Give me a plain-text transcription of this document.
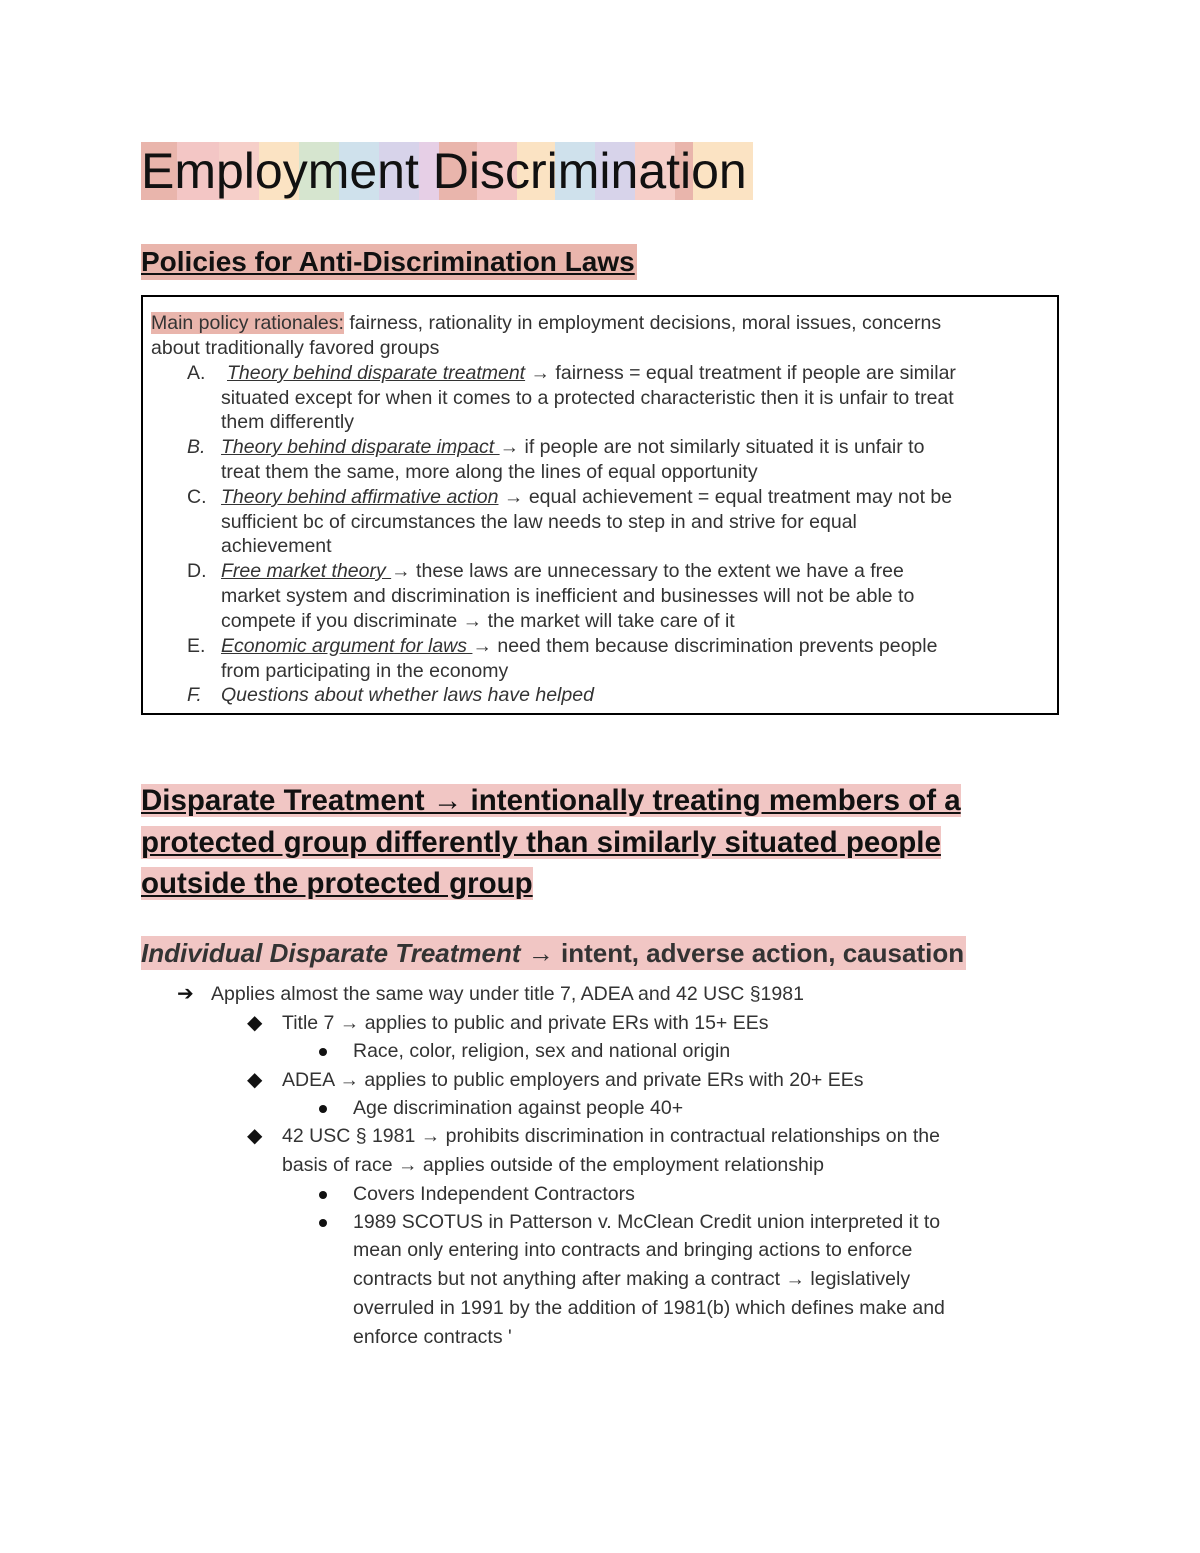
Employment Discrimination
Policies for Anti-Discrimination Laws
Main policy rationales: fairness, rationality in employment decisions, moral issues, concerns
about traditionally favored groups
A. Theory behind disparate treatment → fairness = equal treatment if people are similar
situated except for when it comes to a protected characteristic then it is unfair to treat
them differently
B. Theory behind disparate impact → if people are not similarly situated it is unfair to
treat them the same, more along the lines of equal opportunity
C. Theory behind affirmative action → equal achievement = equal treatment may not be
sufficient bc of circumstances the law needs to step in and strive for equal
achievement
D. Free market theory → these laws are unnecessary to the extent we have a free
market system and discrimination is inefficient and businesses will not be able to
compete if you discriminate → the market will take care of it
E. Economic argument for laws → need them because discrimination prevents people
from participating in the economy
F. Questions about whether laws have helped
Disparate Treatment → intentionally treating members of a
protected group differently than similarly situated people
outside the protected group
Individual Disparate Treatment → intent, adverse action, causation
➔ Applies almost the same way under title 7, ADEA and 42 USC §1981
◆ Title 7 → applies to public and private ERs with 15+ EEs
Race, color, religion, sex and national origin
◆ ADEA → applies to public employers and private ERs with 20+ EEs
Age discrimination against people 40+
◆ 42 USC § 1981 → prohibits discrimination in contractual relationships on the
basis of race → applies outside of the employment relationship
Covers Independent Contractors
1989 SCOTUS in Patterson v. McClean Credit union interpreted it to
mean only entering into contracts and bringing actions to enforce
contracts but not anything after making a contract → legislatively
overruled in 1991 by the addition of 1981(b) which defines make and
enforce contracts '
